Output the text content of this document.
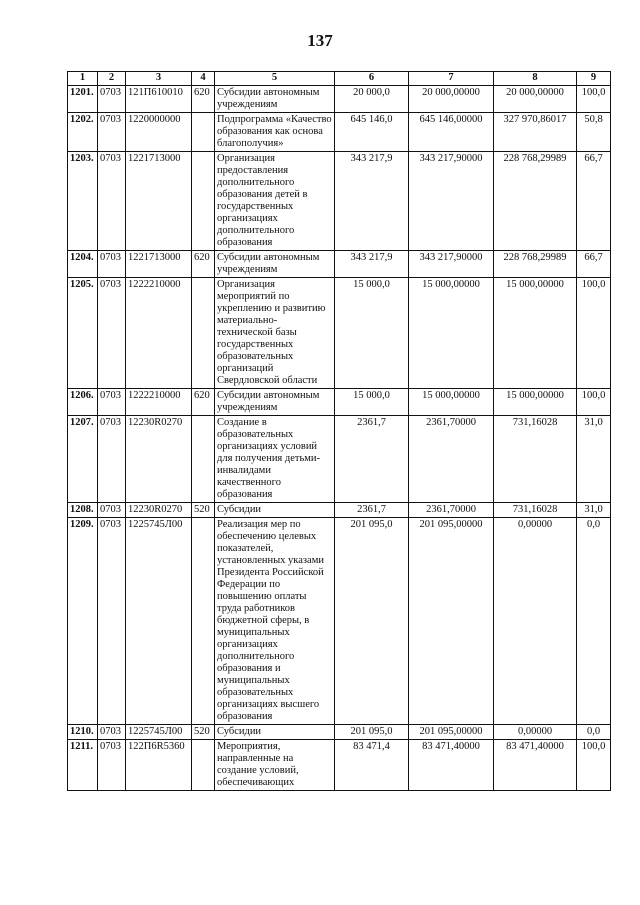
137
1	2	3	4	5	6	7	8	9
1201.	0703	121П610010	620	Субсидии автономным учреждениям	20 000,0	20 000,00000	20 000,00000	100,0
1202.	0703	1220000000		Подпрограмма «Качество образования как основа благополучия»	645 146,0	645 146,00000	327 970,86017	50,8
1203.	0703	1221713000		Организация предоставления дополнительного образования детей в государственных организациях дополнительного образования	343 217,9	343 217,90000	228 768,29989	66,7
1204.	0703	1221713000	620	Субсидии автономным учреждениям	343 217,9	343 217,90000	228 768,29989	66,7
1205.	0703	1222210000		Организация мероприятий по укреплению и развитию материально-технической базы государственных образовательных организаций Свердловской области	15 000,0	15 000,00000	15 000,00000	100,0
1206.	0703	1222210000	620	Субсидии автономным учреждениям	15 000,0	15 000,00000	15 000,00000	100,0
1207.	0703	12230R0270		Создание в образовательных организациях условий для получения детьми-инвалидами качественного образования	2361,7	2361,70000	731,16028	31,0
1208.	0703	12230R0270	520	Субсидии	2361,7	2361,70000	731,16028	31,0
1209.	0703	1225745Л00		Реализация мер по обеспечению целевых показателей, установленных указами Президента Российской Федерации по повышению оплаты труда работников бюджетной сферы, в муниципальных организациях дополнительного образования и муниципальных образовательных организациях высшего образования	201 095,0	201 095,00000	0,00000	0,0
1210.	0703	1225745Л00	520	Субсидии	201 095,0	201 095,00000	0,00000	0,0
1211.	0703	122П6R5360		Мероприятия, направленные на создание условий, обеспечивающих	83 471,4	83 471,40000	83 471,40000	100,0
